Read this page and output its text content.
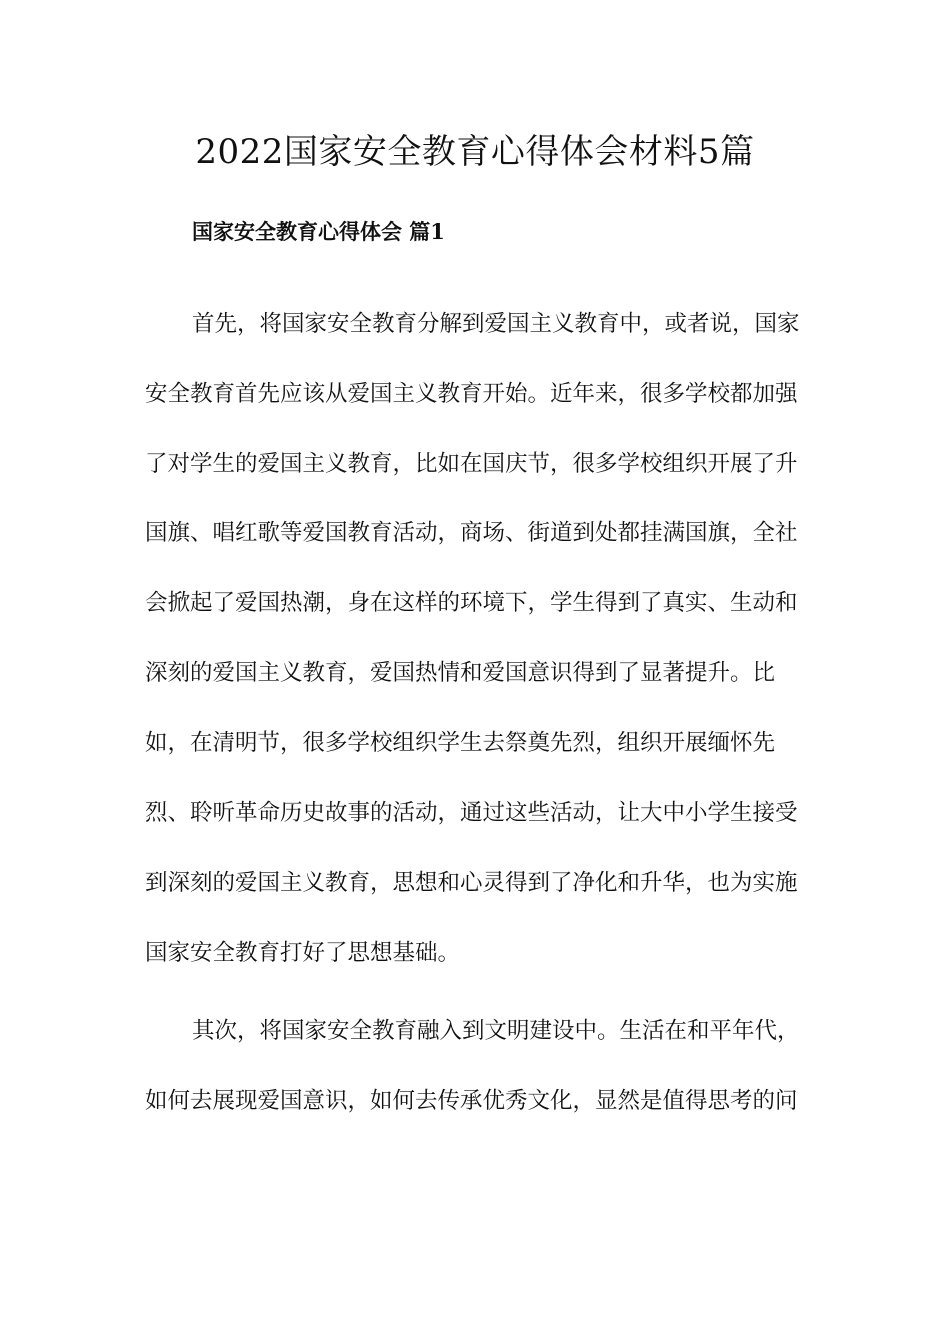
2022国家安全教育心得体会材料5篇
国家安全教育心得体会 篇1

首先，将国家安全教育分解到爱国主义教育中，或者说，国家

安全教育首先应该从爱国主义教育开始。近年来，很多学校都加强

了对学生的爱国主义教育，比如在国庆节，很多学校组织开展了升

国旗、唱红歌等爱国教育活动，商场、街道到处都挂满国旗，全社

会掀起了爱国热潮，身在这样的环境下，学生得到了真实、生动和

深刻的爱国主义教育，爱国热情和爱国意识得到了显著提升。比

如，在清明节，很多学校组织学生去祭奠先烈，组织开展缅怀先

烈、聆听革命历史故事的活动，通过这些活动，让大中小学生接受

到深刻的爱国主义教育，思想和心灵得到了净化和升华，也为实施

国家安全教育打好了思想基础。

其次，将国家安全教育融入到文明建设中。生活在和平年代，

如何去展现爱国意识，如何去传承优秀文化，显然是值得思考的问
